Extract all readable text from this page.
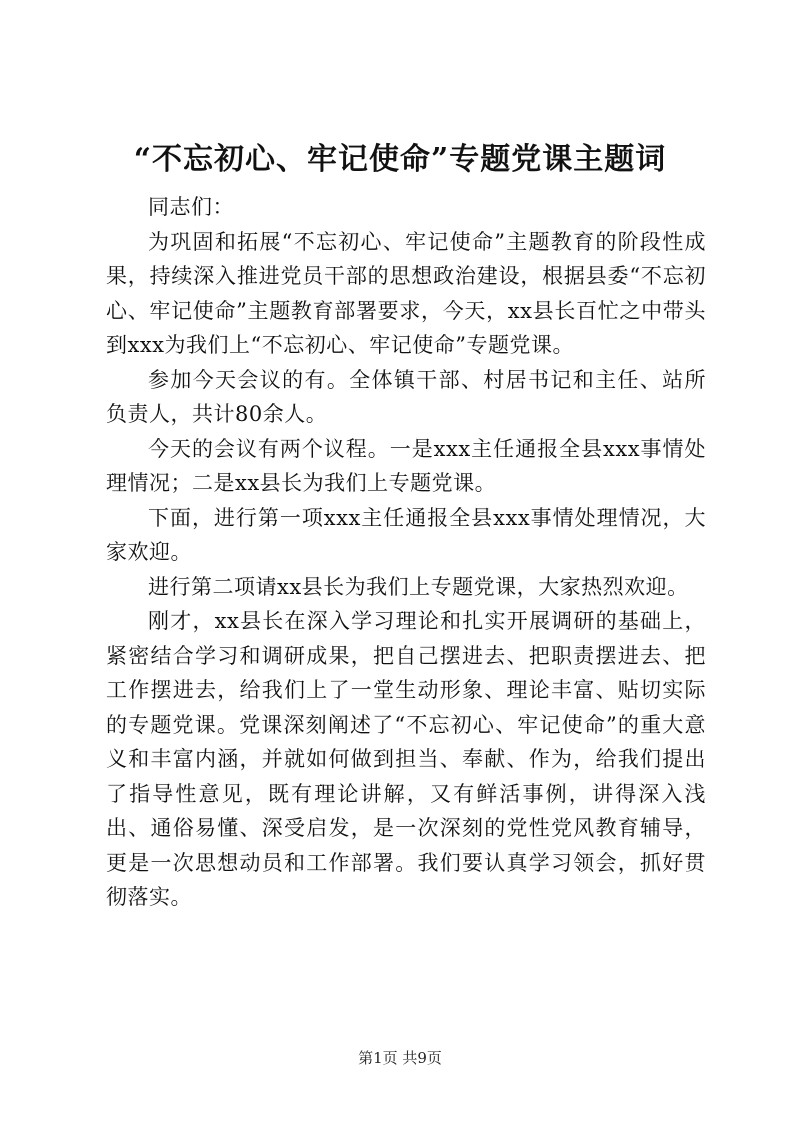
“不忘初心、牢记使命”专题党课主题词

同志们：

为巩固和拓展“不忘初心、牢记使命”主题教育的阶段性成果，持续深入推进党员干部的思想政治建设，根据县委“不忘初心、牢记使命”主题教育部署要求，今天，xx县长百忙之中带头到xxx为我们上“不忘初心、牢记使命”专题党课。

参加今天会议的有。全体镇干部、村居书记和主任、站所负责人，共计80余人。

今天的会议有两个议程。一是xxx主任通报全县xxx事情处理情况；二是xx县长为我们上专题党课。

下面，进行第一项xxx主任通报全县xxx事情处理情况，大家欢迎。

进行第二项请xx县长为我们上专题党课，大家热烈欢迎。

刚才，xx县长在深入学习理论和扎实开展调研的基础上，紧密结合学习和调研成果，把自己摆进去、把职责摆进去、把工作摆进去，给我们上了一堂生动形象、理论丰富、贴切实际的专题党课。党课深刻阐述了“不忘初心、牢记使命”的重大意义和丰富内涵，并就如何做到担当、奉献、作为，给我们提出了指导性意见，既有理论讲解，又有鲜活事例，讲得深入浅出、通俗易懂、深受启发，是一次深刻的党性党风教育辅导，更是一次思想动员和工作部署。我们要认真学习领会，抓好贯彻落实。

第1页 共9页
